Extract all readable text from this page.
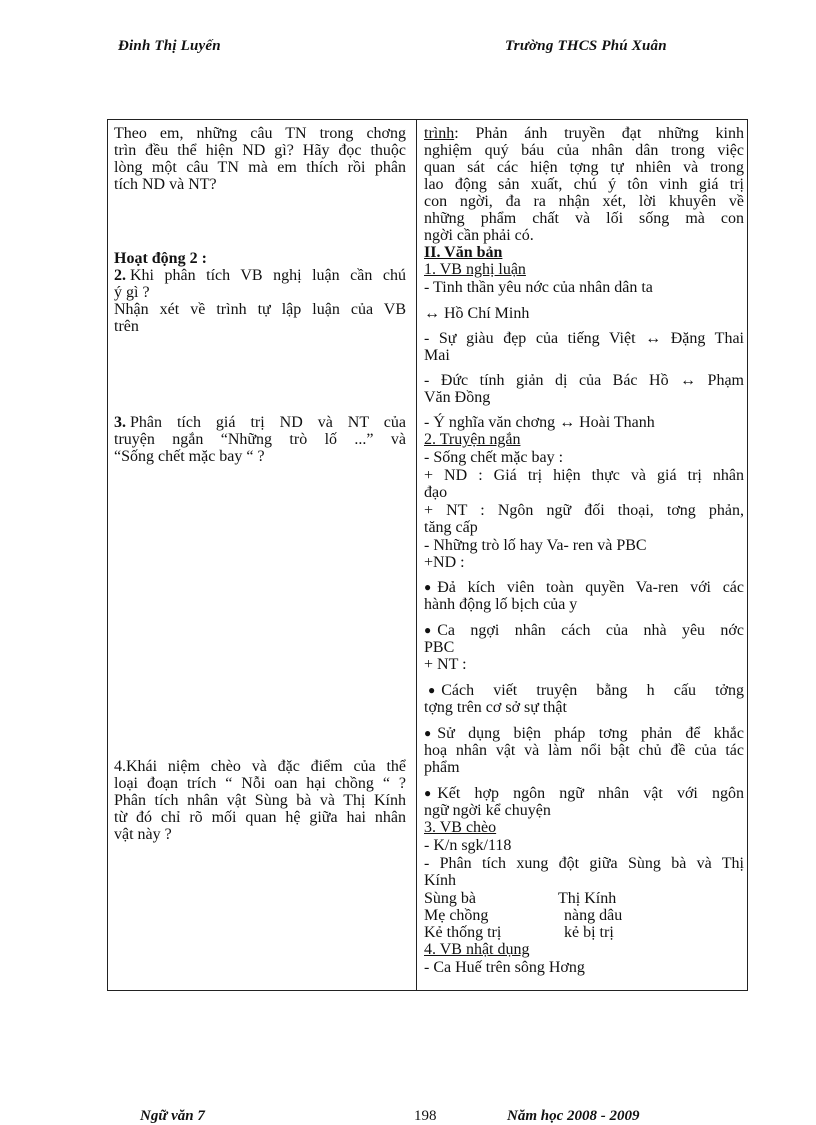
Đinh Thị Luyến	Trường THCS Phú Xuân
Theo em, những câu TN trong chơng
trìn đều thể hiện ND gì? Hãy đọc thuộc
lòng một câu TN mà em thích rồi phân
tích ND và NT?
Hoạt động 2 :
2.
Khi phân tích VB nghị luận cần chú
ý gì ?
Nhận xét về trình tự lập luận của VB
trên
3.
Phân tích giá trị ND và NT của
truyện ngắn “Những trò lố ...” và
“Sống chết mặc bay “ ?
4.Khái niệm chèo và đặc điểm của thể
loại đoạn trích “ Nỗi oan hại chồng “ ?
Phân tích nhân vật Sùng bà và Thị Kính
từ đó chỉ rõ mối quan hệ giữa hai nhân
vật này ?
trình : Phản ánh truyền đạt những kinh
nghiệm quý báu của nhân dân trong việc
quan sát các hiện tợng tự nhiên và trong
lao động sản xuất, chú ý tôn vinh giá trị
con ngời, đa ra nhận xét, lời khuyên về
những phẩm chất và lối sống mà con
ngời cần phải có.
II. Văn bản
1. VB nghị luận
- Tinh thần yêu nớc của nhân dân ta
↔ Hồ Chí Minh
- Sự giàu đẹp của tiếng Việt ↔ Đặng Thai
Mai
- Đức tính giản dị của Bác Hồ ↔ Phạm
Văn Đồng
- Ý nghĩa văn chơng ↔ Hoài Thanh
2. Truyện ngắn
- Sống chết mặc bay :
+ ND : Giá trị hiện thực và giá trị nhân
đạo
+ NT : Ngôn ngữ đối thoại, tơng phản,
tăng cấp
- Những trò lố hay Va- ren và PBC
+ND :
● Đả kích viên toàn quyền Va-ren với các
hành động lố bịch của y
● Ca ngợi nhân cách của nhà yêu nớc
PBC
+ NT :
● Cách viết truyện bằng h cấu tởng
tợng trên cơ sở sự thật
● Sử dụng biện pháp tơng phản để khắc
hoạ nhân vật và làm nổi bật chủ đề của tác
phẩm
● Kết hợp ngôn ngữ nhân vật với ngôn
ngữ ngời kể chuyện
3. VB chèo
- K/n sgk/118
- Phân tích xung đột giữa Sùng bà và Thị
Kính
Sùng bà	Thị Kính
Mẹ chồng	nàng dâu
Kẻ thống trị	kẻ bị trị
4. VB nhật dụng
- Ca Huế trên sông Hơng
Ngữ văn 7	198	Năm học 2008 - 2009
